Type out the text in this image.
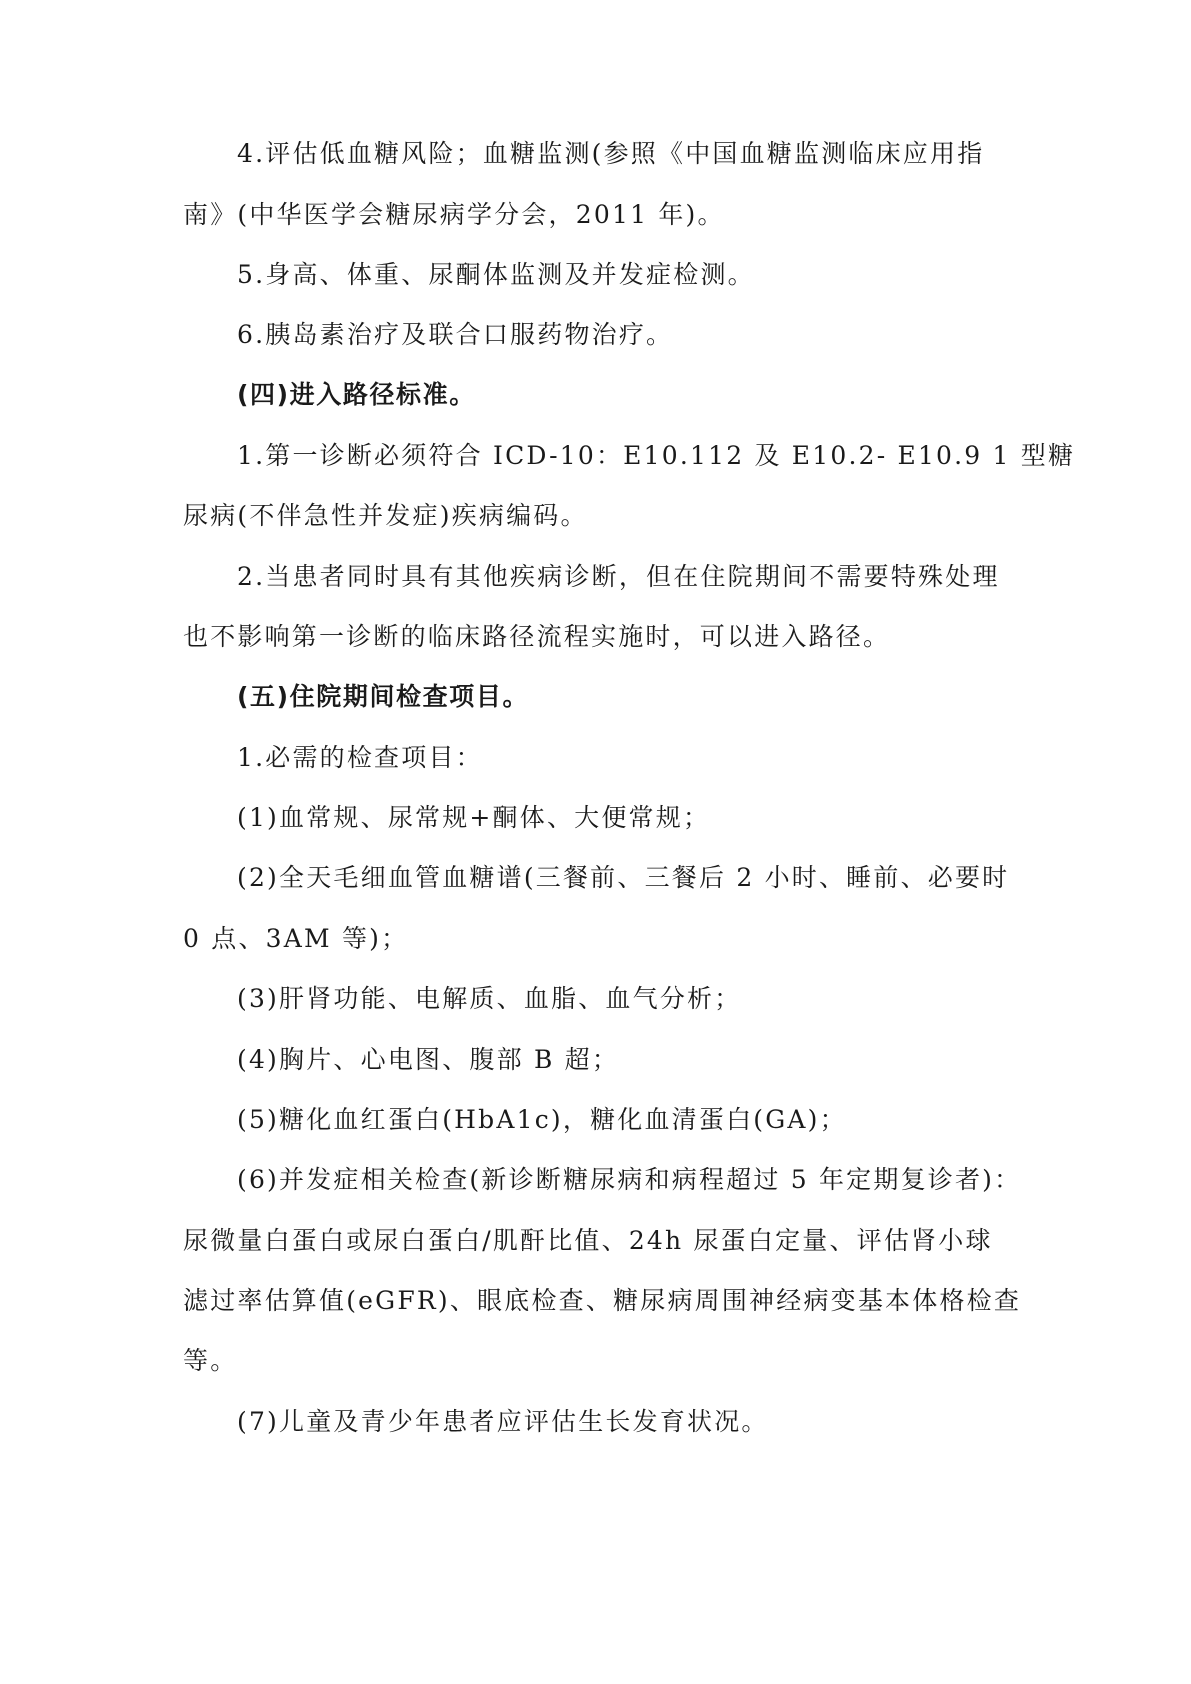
4.评估低血糖风险；血糖监测(参照《中国血糖监测临床应用指
南》(中华医学会糖尿病学分会，2011 年)。
5.身高、体重、尿酮体监测及并发症检测。
6.胰岛素治疗及联合口服药物治疗。
(四)进入路径标准。
1.第一诊断必须符合 ICD-10：E10.112 及 E10.2- E10.9 1 型糖
尿病(不伴急性并发症)疾病编码。
2.当患者同时具有其他疾病诊断，但在住院期间不需要特殊处理
也不影响第一诊断的临床路径流程实施时，可以进入路径。
(五)住院期间检查项目。
1.必需的检查项目：
(1)血常规、尿常规+酮体、大便常规；
(2)全天毛细血管血糖谱(三餐前、三餐后 2 小时、睡前、必要时
0 点、3AM 等)；
(3)肝肾功能、电解质、血脂、血气分析；
(4)胸片、心电图、腹部 B 超；
(5)糖化血红蛋白(HbA1c)，糖化血清蛋白(GA)；
(6)并发症相关检查(新诊断糖尿病和病程超过 5 年定期复诊者)：
尿微量白蛋白或尿白蛋白/肌酐比值、24h 尿蛋白定量、评估肾小球
滤过率估算值(eGFR)、眼底检查、糖尿病周围神经病变基本体格检查
等。
(7)儿童及青少年患者应评估生长发育状况。
